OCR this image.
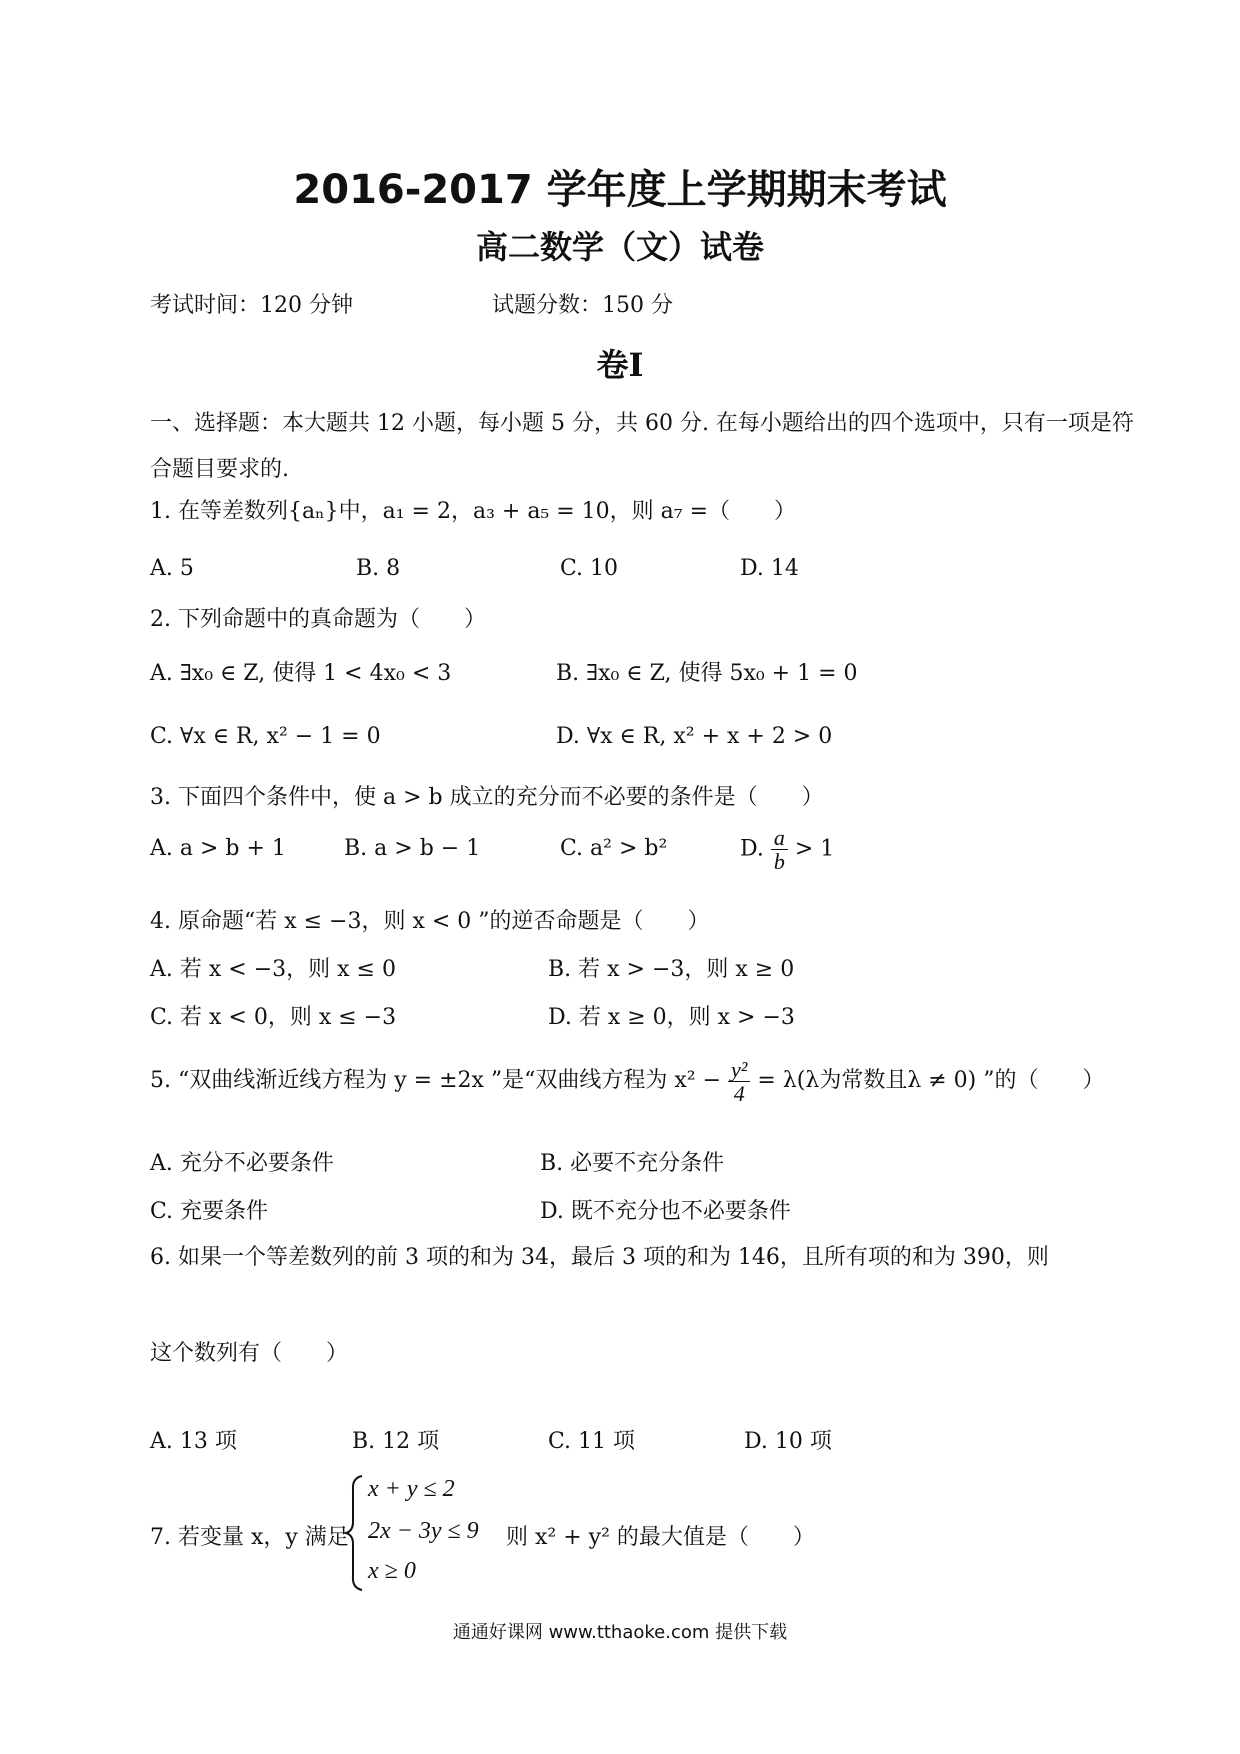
2016-2017 学年度上学期期末考试
高二数学（文）试卷
考试时间：120 分钟	试题分数：150 分
卷Ⅰ
一、选择题：本大题共 12 小题，每小题 5 分，共 60 分. 在每小题给出的四个选项中，只有一项是符
合题目要求的.
1. 在等差数列{aₙ}中，a₁ = 2，a₃ + a₅ = 10，则 a₇ =（　　）
A. 5	B. 8	C. 10	D. 14
2. 下列命题中的真命题为（　　）
A. ∃x₀ ∈ Z, 使得 1 < 4x₀ < 3	B. ∃x₀ ∈ Z, 使得 5x₀ + 1 = 0
C. ∀x ∈ R, x² − 1 = 0	D. ∀x ∈ R, x² + x + 2 > 0
3. 下面四个条件中，使 a > b 成立的充分而不必要的条件是（　　）
A. a > b + 1	B. a > b − 1	C. a² > b²	D. $\frac{a}{b} > 1$
4. 原命题“若 x ≤ −3，则 x < 0 ”的逆否命题是（　　）
A. 若 x < −3，则 x ≤ 0	B. 若 x > −3，则 x ≥ 0
C. 若 x < 0，则 x ≤ −3	D. 若 x ≥ 0，则 x > −3
5. “双曲线渐近线方程为 y = ±2x ”是“双曲线方程为 $x^2 - \frac{\text{y²}}{4} = \lambda(\lambda$为常数且λ ≠ 0) ”的（　　）
A. 充分不必要条件	B. 必要不充分条件
C. 充要条件	D. 既不充分也不必要条件
6. 如果一个等差数列的前 3 项的和为 34，最后 3 项的和为 146，且所有项的和为 390，则
这个数列有（　　）
A. 13 项	B. 12 项	C. 11 项	D. 10 项
7. 若变量 x，y 满足
x + y ≤ 2
2x − 3y ≤ 9
x ≥ 0
则 x² + y² 的最大值是（　　）
通通好课网 www.tthaoke.com 提供下载
